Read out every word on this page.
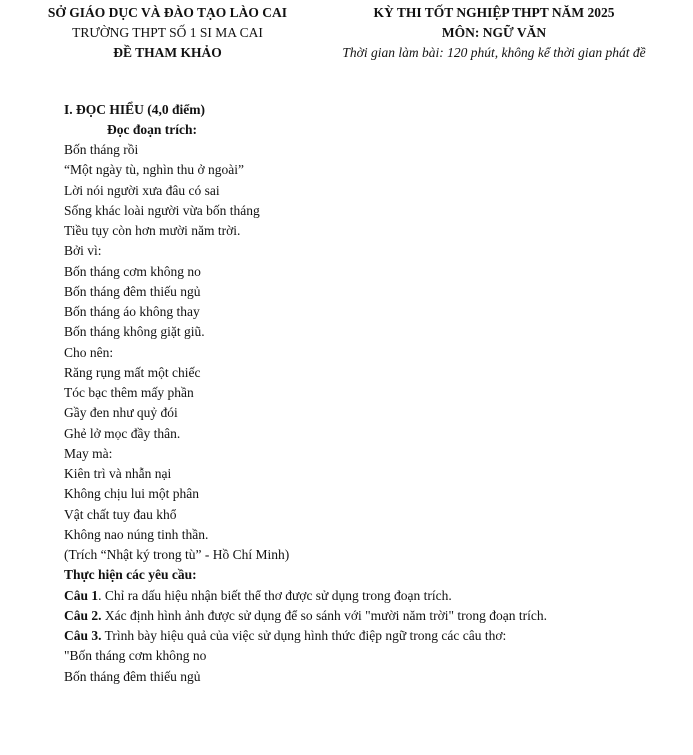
SỞ GIÁO DỤC VÀ ĐÀO TẠO LÀO CAI
TRƯỜNG THPT SỐ 1 SI MA CAI
ĐỀ THAM KHẢO
KỲ THI TỐT NGHIỆP THPT NĂM 2025
MÔN: NGỮ VĂN
Thời gian làm bài: 120 phút, không kể thời gian phát đề
I. ĐỌC HIỂU (4,0 điểm)
Đọc đoạn trích:
Bốn tháng rồi
“Một ngày tù, nghìn thu ở ngoài”
Lời nói người xưa đâu có sai
Sống khác loài người vừa bốn tháng
Tiều tụy còn hơn mười năm trời.
Bởi vì:
Bốn tháng cơm không no
Bốn tháng đêm thiếu ngủ
Bốn tháng áo không thay
Bốn tháng không giặt giũ.
Cho nên:
Răng rụng mất một chiếc
Tóc bạc thêm mấy phần
Gầy đen như quỷ đói
Ghẻ lở mọc đầy thân.
May mà:
Kiên trì và nhẫn nại
Không chịu lui một phân
Vật chất tuy đau khổ
Không nao núng tinh thần.
(Trích “Nhật ký trong tù” - Hồ Chí Minh)
Thực hiện các yêu cầu:
Câu 1. Chỉ ra dấu hiệu nhận biết thể thơ được sử dụng trong đoạn trích.
Câu 2. Xác định hình ảnh được sử dụng để so sánh với "mười năm trời" trong đoạn trích.
Câu 3. Trình bày hiệu quả của việc sử dụng hình thức điệp ngữ trong các câu thơ:
"Bốn tháng cơm không no
Bốn tháng đêm thiếu ngủ
